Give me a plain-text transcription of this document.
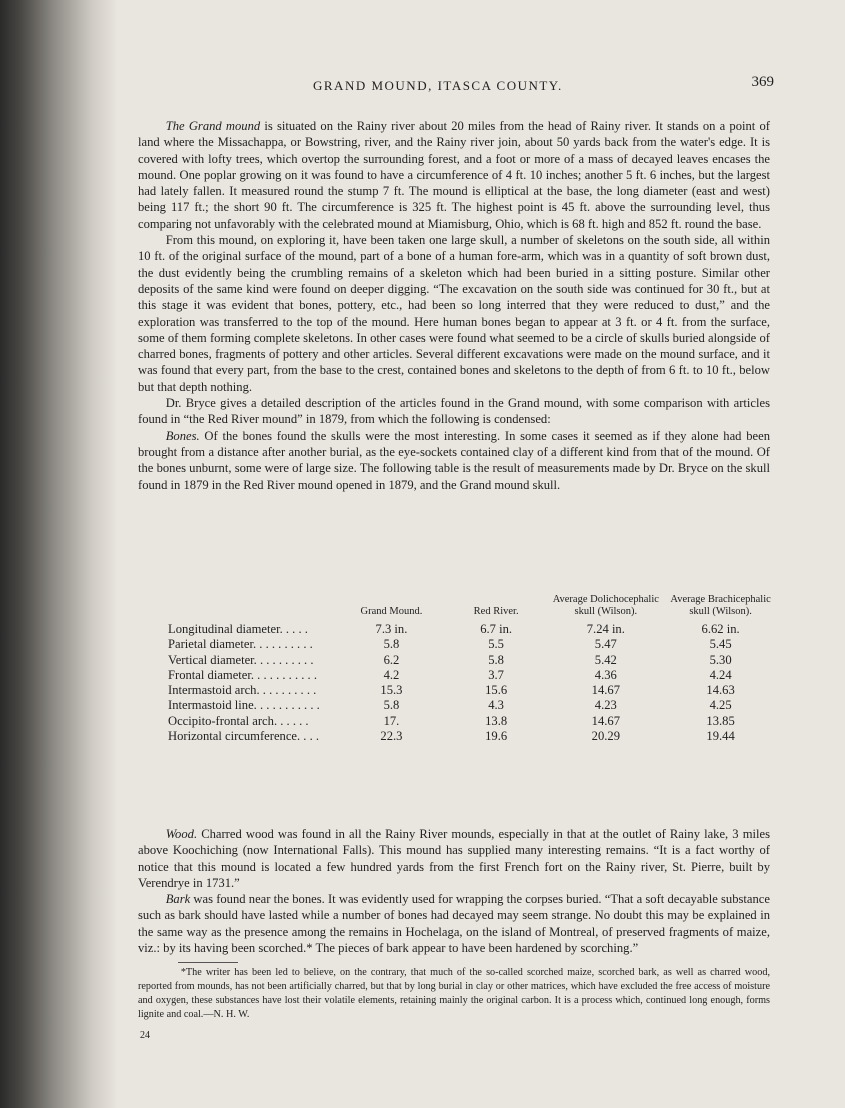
GRAND MOUND, ITASCA COUNTY.	369

The Grand mound is situated on the Rainy river about 20 miles from the head of Rainy river. It stands on a point of land where the Missachappa, or Bowstring, river, and the Rainy river join, about 50 yards back from the water's edge. It is covered with lofty trees, which overtop the surrounding forest, and a foot or more of a mass of decayed leaves encases the mound. One poplar growing on it was found to have a circumference of 4 ft. 10 inches; another 5 ft. 6 inches, but the largest had lately fallen. It measured round the stump 7 ft. The mound is elliptical at the base, the long diameter (east and west) being 117 ft.; the short 90 ft. The circumference is 325 ft. The highest point is 45 ft. above the surrounding level, thus comparing not unfavorably with the celebrated mound at Miamisburg, Ohio, which is 68 ft. high and 852 ft. round the base.

From this mound, on exploring it, have been taken one large skull, a number of skeletons on the south side, all within 10 ft. of the original surface of the mound, part of a bone of a human fore-arm, which was in a quantity of soft brown dust, the dust evidently being the crumbling remains of a skeleton which had been buried in a sitting posture. Similar other deposits of the same kind were found on deeper digging. “The excavation on the south side was continued for 30 ft., but at this stage it was evident that bones, pottery, etc., had been so long interred that they were reduced to dust,” and the exploration was transferred to the top of the mound. Here human bones began to appear at 3 ft. or 4 ft. from the surface, some of them forming complete skeletons. In other cases were found what seemed to be a circle of skulls buried alongside of charred bones, fragments of pottery and other articles. Several different excavations were made on the mound surface, and it was found that every part, from the base to the crest, contained bones and skeletons to the depth of from 6 ft. to 10 ft., below but that depth nothing.

Dr. Bryce gives a detailed description of the articles found in the Grand mound, with some comparison with articles found in “the Red River mound” in 1879, from which the following is condensed:

Bones. Of the bones found the skulls were the most interesting. In some cases it seemed as if they alone had been brought from a distance after another burial, as the eye-sockets contained clay of a different kind from that of the mound. Of the bones unburnt, some were of large size. The following table is the result of measurements made by Dr. Bryce on the skull found in 1879 in the Red River mound opened in 1879, and the Grand mound skull.

	Grand Mound.	Red River.	Average Dolichocephalic skull (Wilson).	Average Brachicephalic skull (Wilson).
Longitudinal diameter. . . . .	7.3 in.	6.7 in.	7.24 in.	6.62 in.
Parietal diameter. . . . . . . . . .	5.8	5.5	5.47	5.45
Vertical diameter. . . . . . . . . .	6.2	5.8	5.42	5.30
Frontal diameter. . . . . . . . . . .	4.2	3.7	4.36	4.24
Intermastoid arch. . . . . . . . . .	15.3	15.6	14.67	14.63
Intermastoid line. . . . . . . . . . .	5.8	4.3	4.23	4.25
Occipito-frontal arch. . . . . .	17.	13.8	14.67	13.85
Horizontal circumference. . . .	22.3	19.6	20.29	19.44

Wood. Charred wood was found in all the Rainy River mounds, especially in that at the outlet of Rainy lake, 3 miles above Koochiching (now International Falls). This mound has supplied many interesting remains. “It is a fact worthy of notice that this mound is located a few hundred yards from the first French fort on the Rainy river, St. Pierre, built by Verendrye in 1731.”

Bark was found near the bones. It was evidently used for wrapping the corpses buried. “That a soft decayable substance such as bark should have lasted while a number of bones had decayed may seem strange. No doubt this may be explained in the same way as the presence among the remains in Hochelaga, on the island of Montreal, of preserved fragments of maize, viz.: by its having been scorched.* The pieces of bark appear to have been hardened by scorching.”

*The writer has been led to believe, on the contrary, that much of the so-called scorched maize, scorched bark, as well as charred wood, reported from mounds, has not been artificially charred, but that by long burial in clay or other matrices, which have excluded the free access of moisture and oxygen, these substances have lost their volatile elements, retaining mainly the original carbon. It is a process which, continued long enough, forms lignite and coal.—N. H. W.

24
